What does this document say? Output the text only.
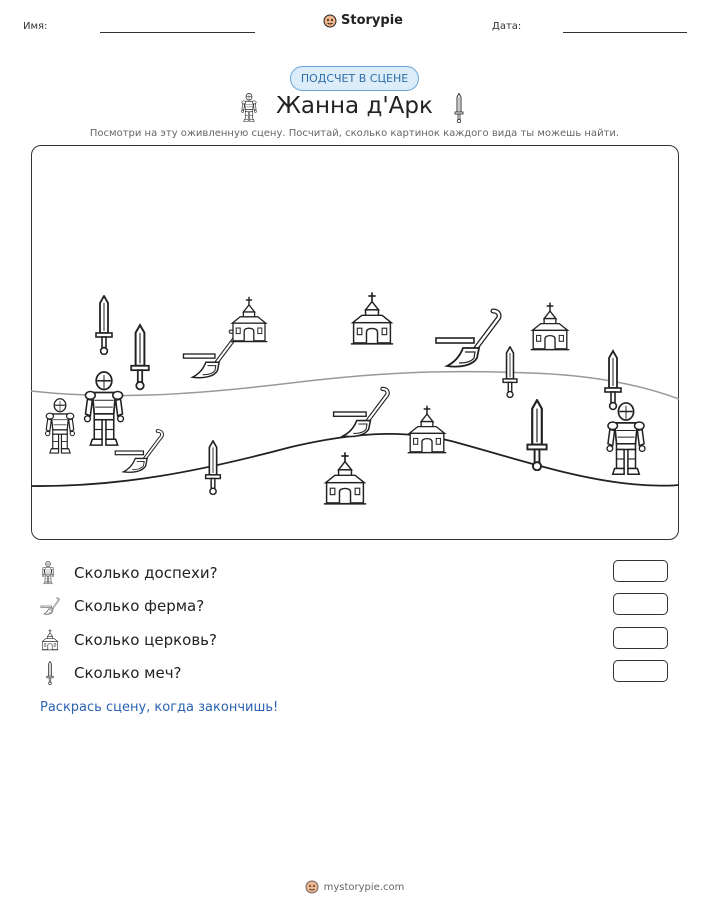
Имя:	Storypie	Дата:
ПОДСЧЕТ В СЦЕНЕ
Жанна д'Арк
Посмотри на эту оживленную сцену. Посчитай, сколько картинок каждого вида ты можешь найти.
Сколько доспехи?
Сколько ферма?
Сколько церковь?
Сколько меч?
Раскрась сцену, когда закончишь!
mystorypie.com
